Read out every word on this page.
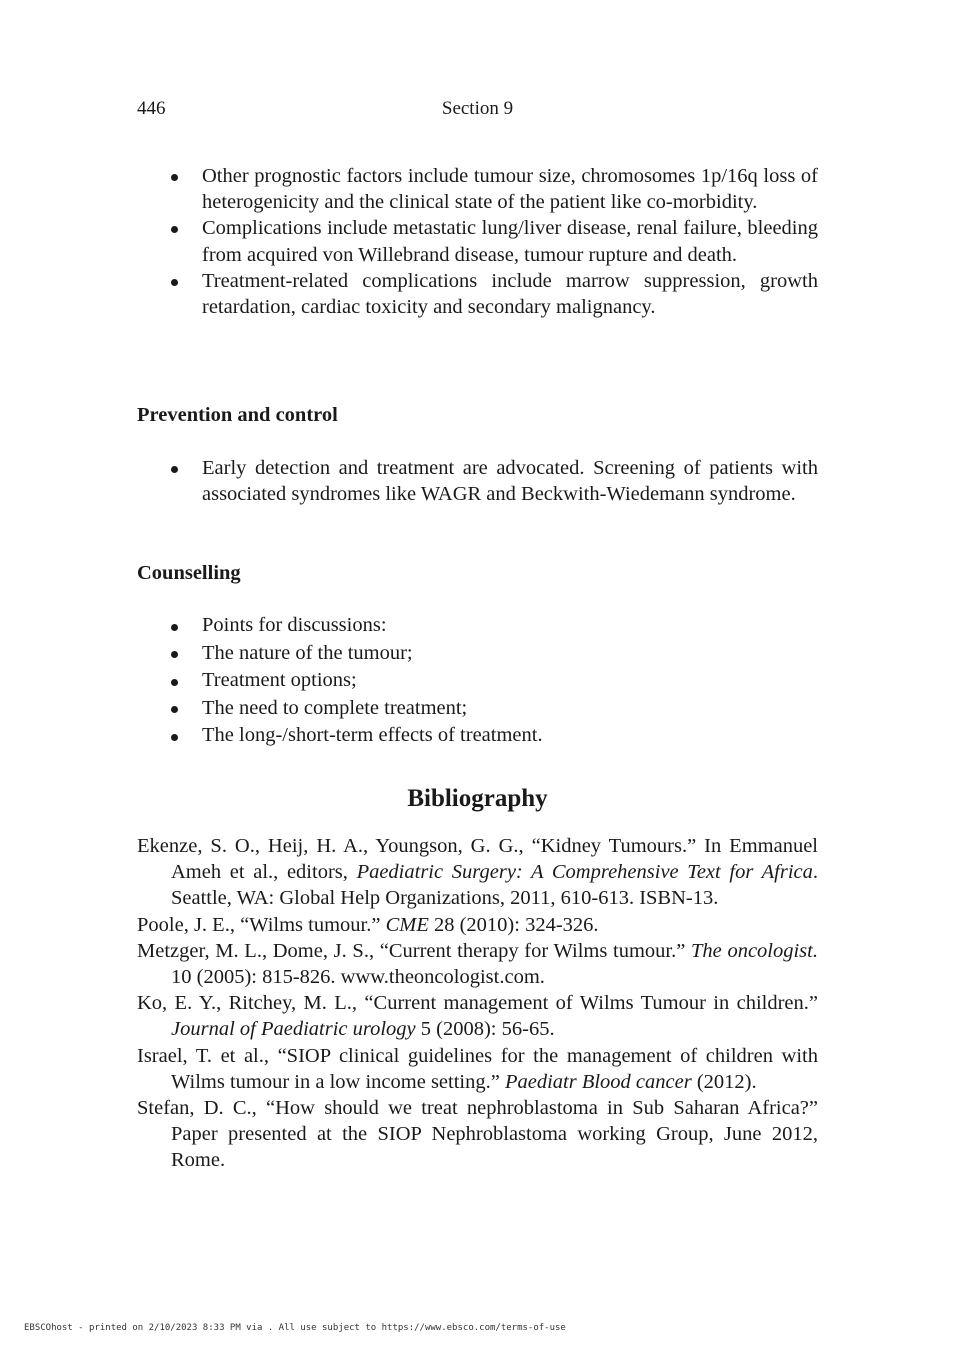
446	Section 9
Other prognostic factors include tumour size, chromosomes 1p/16q loss of heterogenicity and the clinical state of the patient like co-morbidity.
Complications include metastatic lung/liver disease, renal failure, bleeding from acquired von Willebrand disease, tumour rupture and death.
Treatment-related complications include marrow suppression, growth retardation, cardiac toxicity and secondary malignancy.
Prevention and control
Early detection and treatment are advocated. Screening of patients with associated syndromes like WAGR and Beckwith-Wiedemann syndrome.
Counselling
Points for discussions:
The nature of the tumour;
Treatment options;
The need to complete treatment;
The long-/short-term effects of treatment.
Bibliography
Ekenze, S. O., Heij, H. A., Youngson, G. G., “Kidney Tumours.” In Emmanuel Ameh et al., editors, Paediatric Surgery: A Comprehensive Text for Africa. Seattle, WA: Global Help Organizations, 2011, 610-613. ISBN-13.
Poole, J. E., “Wilms tumour.” CME 28 (2010): 324-326.
Metzger, M. L., Dome, J. S., “Current therapy for Wilms tumour.” The oncologist. 10 (2005): 815-826. www.theoncologist.com.
Ko, E. Y., Ritchey, M. L., “Current management of Wilms Tumour in children.” Journal of Paediatric urology 5 (2008): 56-65.
Israel, T. et al., “SIOP clinical guidelines for the management of children with Wilms tumour in a low income setting.” Paediatr Blood cancer (2012).
Stefan, D. C., “How should we treat nephroblastoma in Sub Saharan Africa?” Paper presented at the SIOP Nephroblastoma working Group, June 2012, Rome.
EBSCOhost - printed on 2/10/2023 8:33 PM via . All use subject to https://www.ebsco.com/terms-of-use
